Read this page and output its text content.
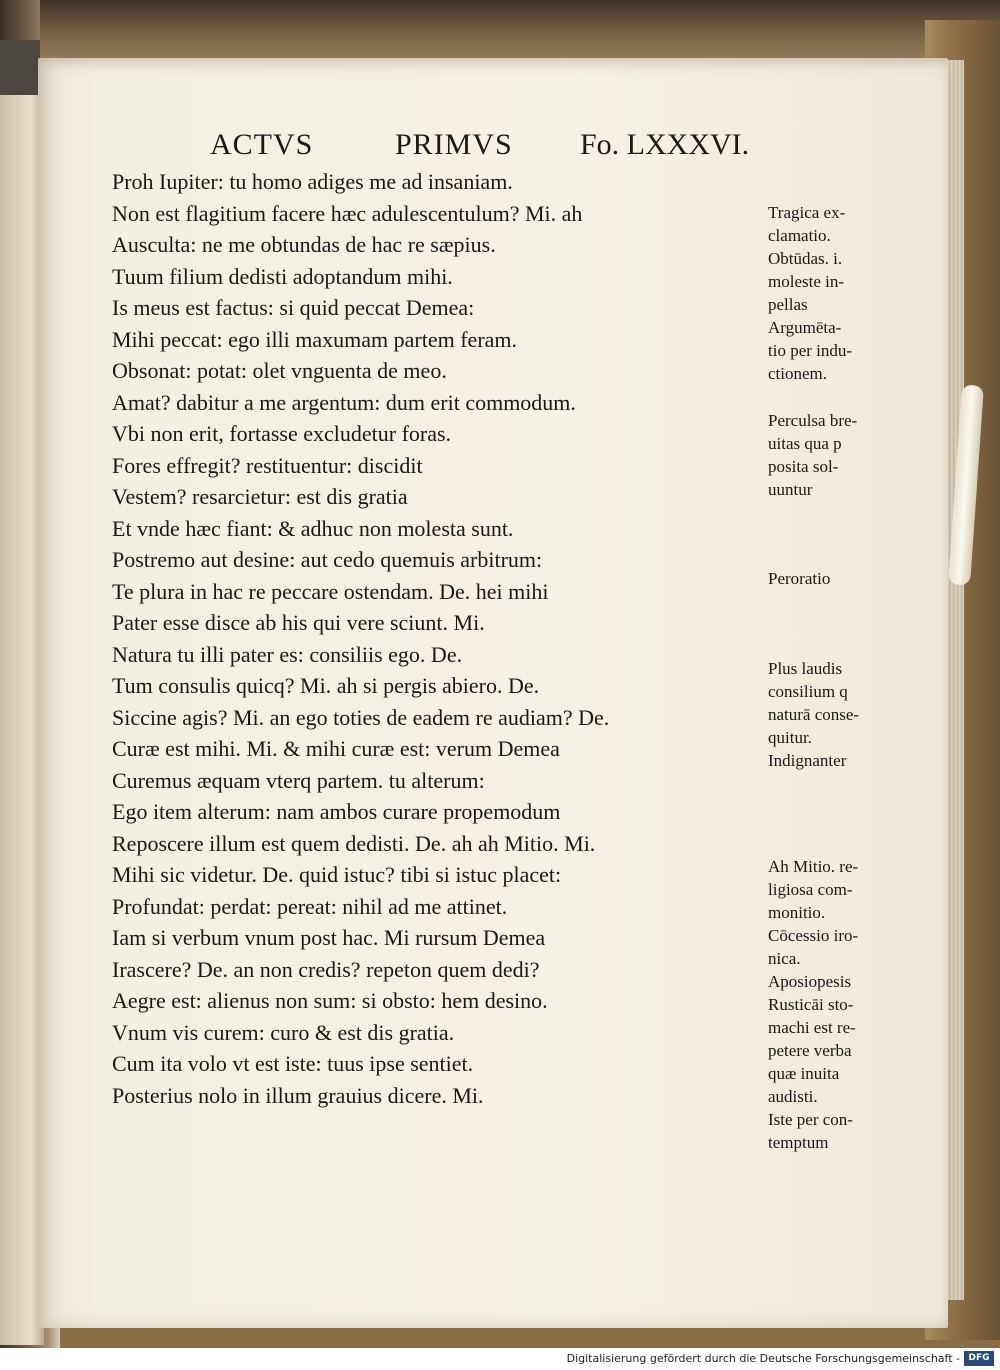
ACTVS	PRIMVS Fo. LXXXVI.
Proh Iupiter: tu homo adiges me ad insaniam.
Non est flagitium facere hæc adulescentulum? Mi. ah
Ausculta: ne me obtundas de hac re sæpius.
Tuum filium dedisti adoptandum mihi.
Is meus est factus: si quid peccat Demea:
Mihi peccat: ego illi maxumam partem feram.
Obsonat: potat: olet vnguenta de meo.
Amat? dabitur a me argentum: dum erit commodum.
Vbi non erit, fortasse excludetur foras.
Fores effregit? restituentur: discidit
Vestem? resarcietur: est dis gratia
Et vnde hæc fiant: & adhuc non molesta sunt.
Postremo aut desine: aut cedo quemuis arbitrum:
Te plura in hac re peccare ostendam. De. hei mihi
Pater esse disce ab his qui vere sciunt. Mi.
Natura tu illi pater es: consiliis ego. De.
Tum consulis quicq? Mi. ah si pergis abiero. De.
Siccine agis? Mi. an ego toties de eadem re audiam? De.
Curæ est mihi. Mi. & mihi curæ est: verum Demea
Curemus æquam vterq partem. tu alterum:
Ego item alterum: nam ambos curare propemodum
Reposcere illum est quem dedisti. De. ah ah Mitio. Mi.
Mihi sic videtur. De. quid istuc? tibi si istuc placet:
Profundat: perdat: pereat: nihil ad me attinet.
Iam si verbum vnum post hac. Mi rursum Demea
Irascere? De. an non credis? repeton quem dedi?
Aegre est: alienus non sum: si obsto: hem desino.
Vnum vis curem: curo & est dis gratia.
Cum ita volo vt est iste: tuus ipse sentiet.
Posterius nolo in illum grauius dicere. Mi.
Tragica ex-
clamatio.
Obtūdas. i.
moleste in-
pellas
Argumēta-
tio per indu-
ctionem.
Perculsa bre-
uitas qua p
posita sol-
uuntur
Peroratio
Plus laudis
consilium q
naturā conse-
quitur.
Indignanter
Ah Mitio. re-
ligiosa com-
monitio.
Cōcessio iro-
nica.
Aposiopesis
Rusticāi sto-
machi est re-
petere verba
quæ inuita
audisti.
Iste per con-
temptum
Digitalisierung gefördert durch die Deutsche Forschungsgemeinschaft - DFG
